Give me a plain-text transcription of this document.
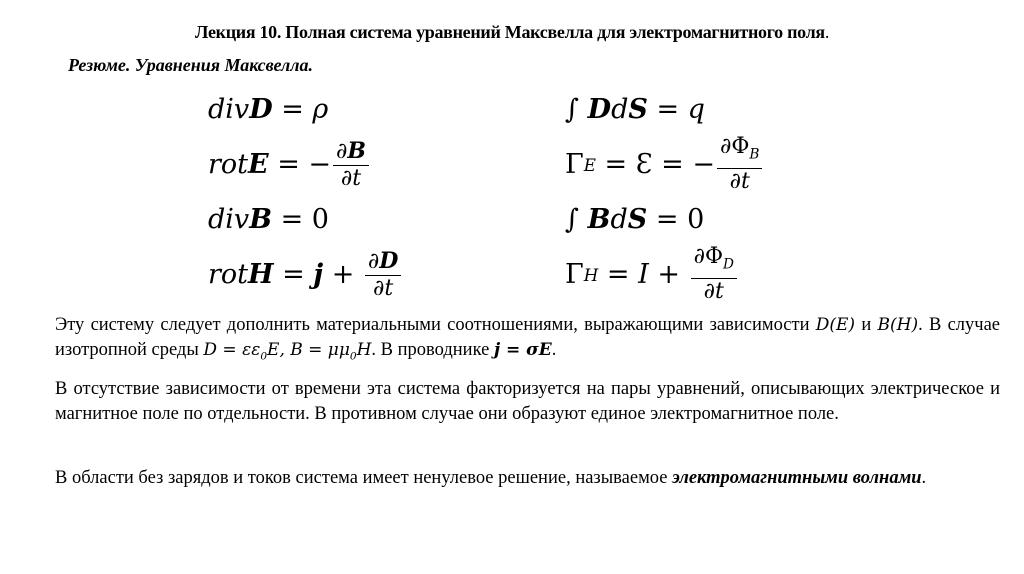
Лекция 10. Полная система уравнений Максвелла для электромагнитного поля.
Резюме. Уравнения Максвелла.
div D = ρ
rot E = − $\frac{\partial B}{\partial t}$
div B = 0
rot $H = j + \frac{\partial D}{\partial t}$
∫ D d S = q
Γ E = Ɛ = − $\frac{\partial\Phi_B}{\partial t}$
∫ B d S = 0
Γ $H = I + \frac{\partial\Phi_D}{\partial t}$
Эту систему следует дополнить материальными соотношениями, выражающими зависимости D(E) и B(H). В случае изотропной среды $D = \varepsilon\varepsilon_0E$, $B = \mu\mu_0H$. В проводнике j = σE.
В отсутствие зависимости от времени эта система факторизуется на пары уравнений, описывающих электрическое и магнитное поле по отдельности. В противном случае они образуют единое электромагнитное поле.
В области без зарядов и токов система имеет ненулевое решение, называемое электромагнитными волнами.
